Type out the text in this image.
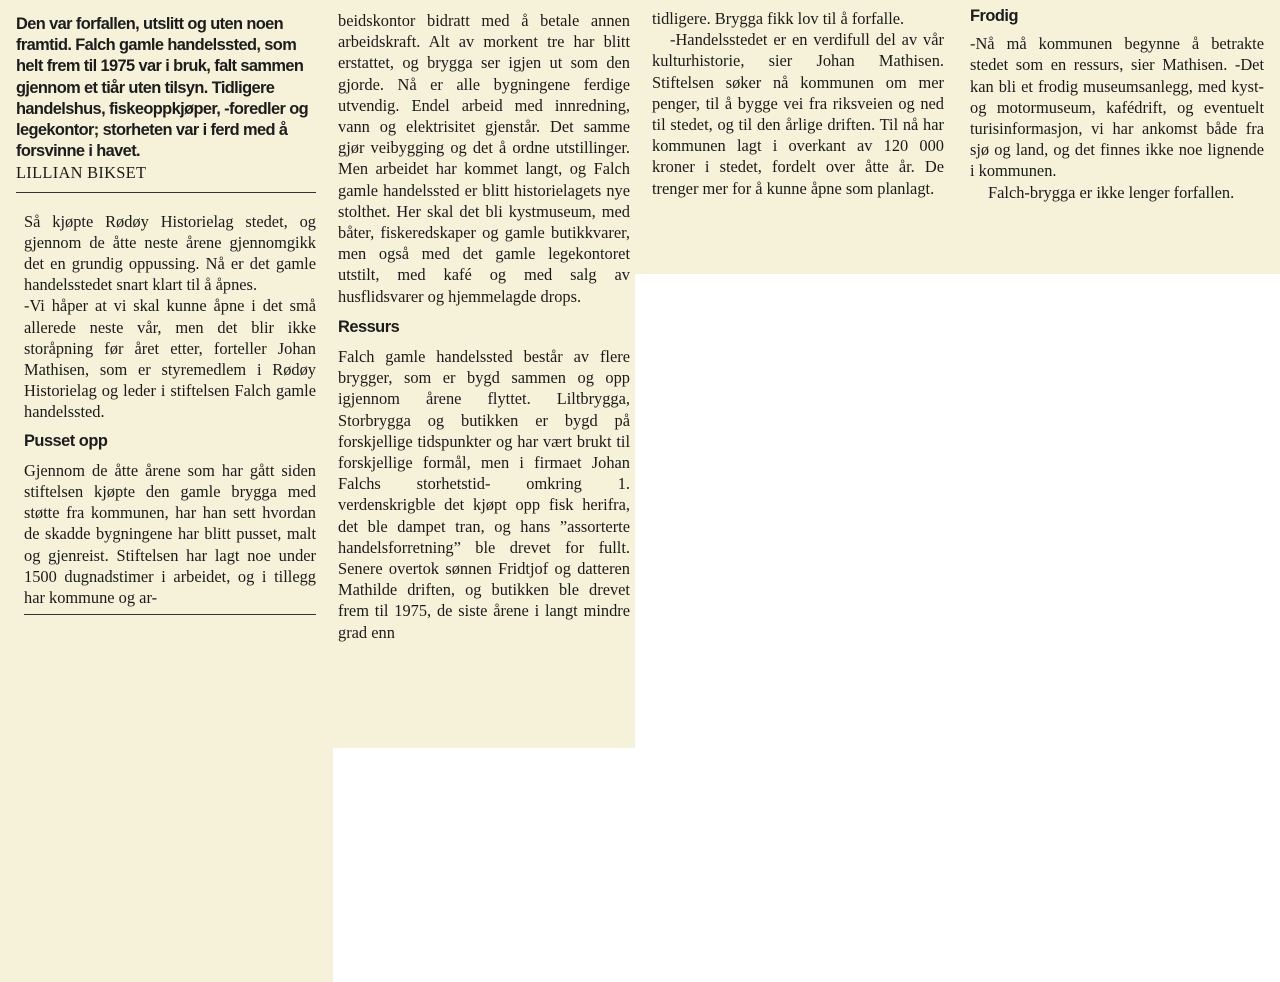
Den var forfallen, utslitt og uten noen framtid. Falch gamle handelssted, som helt frem til 1975 var i bruk, falt sammen gjennom et tiår uten tilsyn. Tidligere handelshus, fiskeoppkjøper, -foredler og legekontor; storheten var i ferd med å forsvinne i havet.

LILLIAN BIKSET

Så kjøpte Rødøy Historielag stedet, og gjennom de åtte neste årene gjennomgikk det en grundig oppussing. Nå er det gamle handelsstedet snart klart til å åpnes.

-Vi håper at vi skal kunne åpne i det små allerede neste vår, men det blir ikke storåpning før året etter, forteller Johan Mathisen, som er styremedlem i Rødøy Historielag og leder i stiftelsen Falch gamle handelssted.

Pusset opp

Gjennom de åtte årene som har gått siden stiftelsen kjøpte den gamle brygga med støtte fra kommunen, har han sett hvordan de skadde bygningene har blitt pusset, malt og gjenreist. Stiftelsen har lagt noe under 1500 dugnadstimer i arbeidet, og i tillegg har kommune og ar-

beidskontor bidratt med å betale annen arbeidskraft. Alt av morkent tre har blitt erstattet, og brygga ser igjen ut som den gjorde. Nå er alle bygningene ferdige utvendig. Endel arbeid med innredning, vann og elektrisitet gjenstår. Det samme gjør veibygging og det å ordne utstillinger. Men arbeidet har kommet langt, og Falch gamle handelssted er blitt historielagets nye stolthet. Her skal det bli kystmuseum, med båter, fiskeredskaper og gamle butikkvarer, men også med det gamle legekontoret utstilt, med kafé og med salg av husflidsvarer og hjemmelagde drops.

Ressurs

Falch gamle handelssted består av flere brygger, som er bygd sammen og opp igjennom årene flyttet. Liltbrygga, Storbrygga og butikken er bygd på forskjellige tidspunkter og har vært brukt til forskjellige formål, men i firmaet Johan Falchs storhetstid- omkring 1. verdenskrigble det kjøpt opp fisk herifra, det ble dampet tran, og hans ”assorterte handelsforretning” ble drevet for fullt. Senere overtok sønnen Fridtjof og datteren Mathilde driften, og butikken ble drevet frem til 1975, de siste årene i langt mindre grad enn

tidligere. Brygga fikk lov til å forfalle.

-Handelsstedet er en verdifull del av vår kulturhistorie, sier Johan Mathisen. Stiftelsen søker nå kommunen om mer penger, til å bygge vei fra riksveien og ned til stedet, og til den årlige driften. Til nå har kommunen lagt i overkant av 120 000 kroner i stedet, fordelt over åtte år. De trenger mer for å kunne åpne som planlagt.

Frodig

-Nå må kommunen begynne å betrakte stedet som en ressurs, sier Mathisen. -Det kan bli et frodig museumsanlegg, med kyst- og motormuseum, kafédrift, og eventuelt turisinformasjon, vi har ankomst både fra sjø og land, og det finnes ikke noe lignende i kommunen.

Falch-brygga er ikke lenger forfallen.
